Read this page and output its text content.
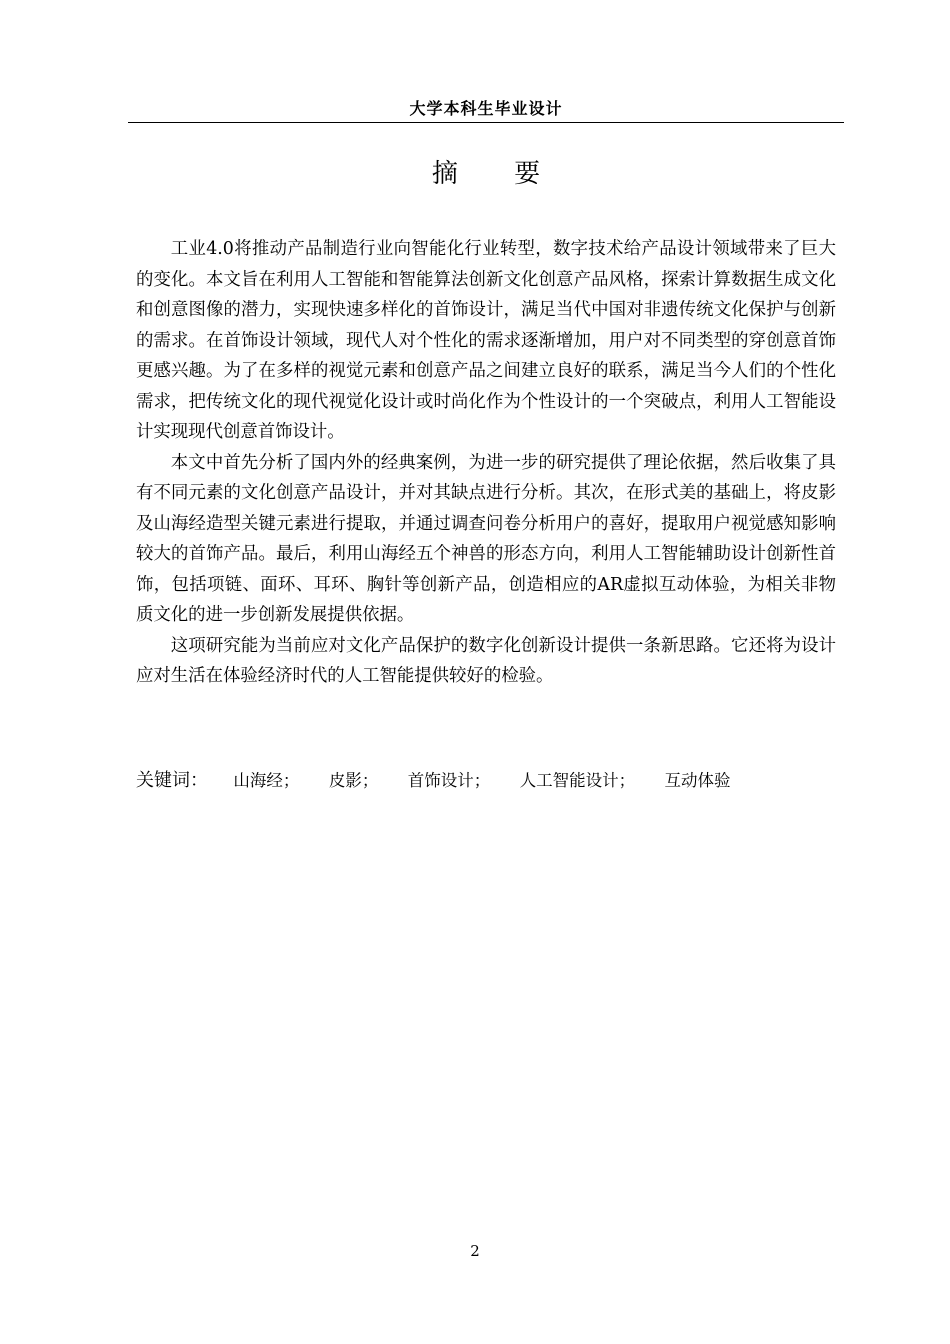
大学本科生毕业设计
摘 要

工业4.0将推动产品制造行业向智能化行业转型，数字技术给产品设计领域带来了巨大的变化。本文旨在利用人工智能和智能算法创新文化创意产品风格，探索计算数据生成文化和创意图像的潜力，实现快速多样化的首饰设计，满足当代中国对非遗传统文化保护与创新的需求。在首饰设计领域，现代人对个性化的需求逐渐增加，用户对不同类型的穿创意首饰更感兴趣。为了在多样的视觉元素和创意产品之间建立良好的联系，满足当今人们的个性化需求，把传统文化的现代视觉化设计或时尚化作为个性设计的一个突破点，利用人工智能设计实现现代创意首饰设计。

本文中首先分析了国内外的经典案例，为进一步的研究提供了理论依据，然后收集了具有不同元素的文化创意产品设计，并对其缺点进行分析。其次，在形式美的基础上，将皮影及山海经造型关键元素进行提取，并通过调查问卷分析用户的喜好，提取用户视觉感知影响较大的首饰产品。最后，利用山海经五个神兽的形态方向，利用人工智能辅助设计创新性首饰，包括项链、面环、耳环、胸针等创新产品，创造相应的AR虚拟互动体验，为相关非物质文化的进一步创新发展提供依据。

这项研究能为当前应对文化产品保护的数字化创新设计提供一条新思路。它还将为设计应对生活在体验经济时代的人工智能提供较好的检验。

关键词： 山海经； 皮影； 首饰设计； 人工智能设计； 互动体验
2
